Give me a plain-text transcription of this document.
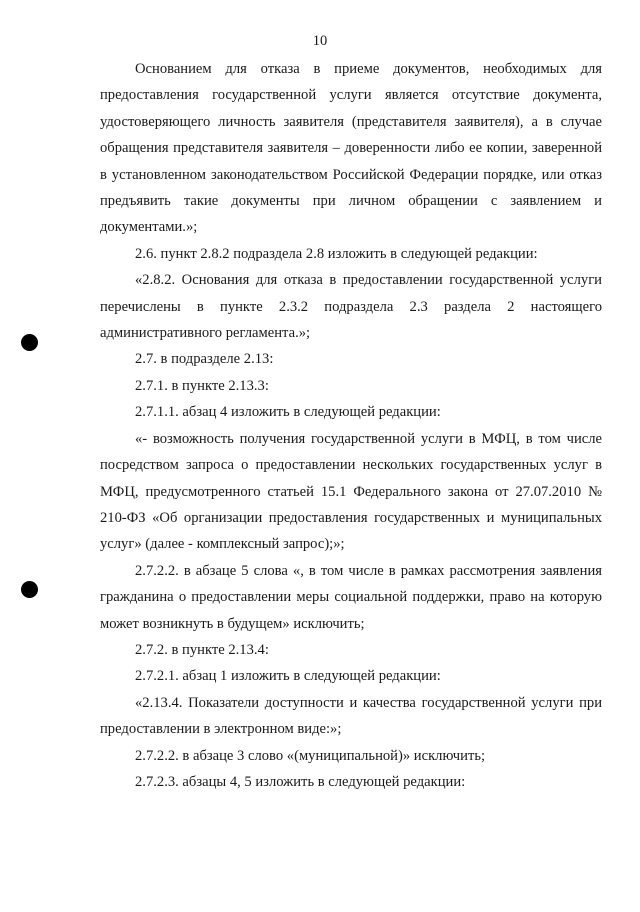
10

Основанием для отказа в приеме документов, необходимых для предоставления государственной услуги является отсутствие документа, удостоверяющего личность заявителя (представителя заявителя), а в случае обращения представителя заявителя – доверенности либо ее копии, заверенной в установленном законодательством Российской Федерации порядке, или отказ предъявить такие документы при личном обращении с заявлением и документами.»;

2.6. пункт 2.8.2 подраздела 2.8 изложить в следующей редакции:

«2.8.2. Основания для отказа в предоставлении государственной услуги перечислены в пункте 2.3.2 подраздела 2.3 раздела 2 настоящего административного регламента.»;

2.7. в подразделе 2.13:

2.7.1. в пункте 2.13.3:

2.7.1.1. абзац 4 изложить в следующей редакции:

«- возможность получения государственной услуги в МФЦ, в том числе посредством запроса о предоставлении нескольких государственных услуг в МФЦ, предусмотренного статьей 15.1 Федерального закона от 27.07.2010 № 210-ФЗ «Об организации предоставления государственных и муниципальных услуг» (далее - комплексный запрос);»;

2.7.2.2. в абзаце 5 слова «, в том числе в рамках рассмотрения заявления гражданина о предоставлении меры социальной поддержки, право на которую может возникнуть в будущем» исключить;

2.7.2. в пункте 2.13.4:

2.7.2.1. абзац 1 изложить в следующей редакции:

«2.13.4. Показатели доступности и качества государственной услуги при предоставлении в электронном виде:»;

2.7.2.2. в абзаце 3 слово «(муниципальной)» исключить;

2.7.2.3. абзацы 4, 5 изложить в следующей редакции:
